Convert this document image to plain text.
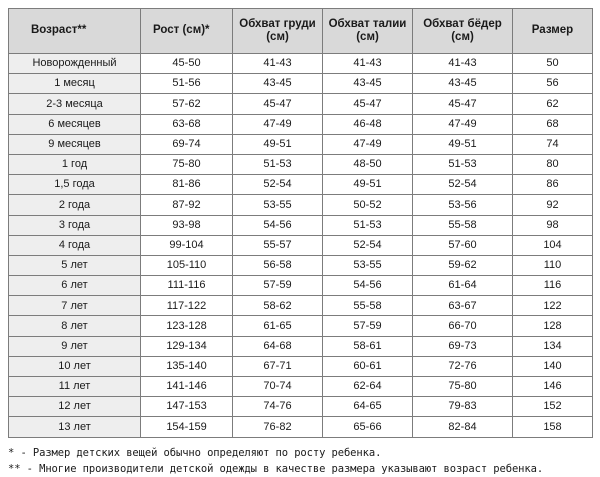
Возраст**	Рост (см)*	Обхват груди (см)	Обхват талии (см)	Обхват бёдер (см)	Размер
Новорожденный	45-50	41-43	41-43	41-43	50
1 месяц	51-56	43-45	43-45	43-45	56
2-3 месяца	57-62	45-47	45-47	45-47	62
6 месяцев	63-68	47-49	46-48	47-49	68
9 месяцев	69-74	49-51	47-49	49-51	74
1 год	75-80	51-53	48-50	51-53	80
1,5 года	81-86	52-54	49-51	52-54	86
2 года	87-92	53-55	50-52	53-56	92
3 года	93-98	54-56	51-53	55-58	98
4 года	99-104	55-57	52-54	57-60	104
5 лет	105-110	56-58	53-55	59-62	110
6 лет	111-116	57-59	54-56	61-64	116
7 лет	117-122	58-62	55-58	63-67	122
8 лет	123-128	61-65	57-59	66-70	128
9 лет	129-134	64-68	58-61	69-73	134
10 лет	135-140	67-71	60-61	72-76	140
11 лет	141-146	70-74	62-64	75-80	146
12 лет	147-153	74-76	64-65	79-83	152
13 лет	154-159	76-82	65-66	82-84	158
* - Размер детских вещей обычно определяют по росту ребенка.
** - Многие производители детской одежды в качестве размера указывают возраст ребенка.
